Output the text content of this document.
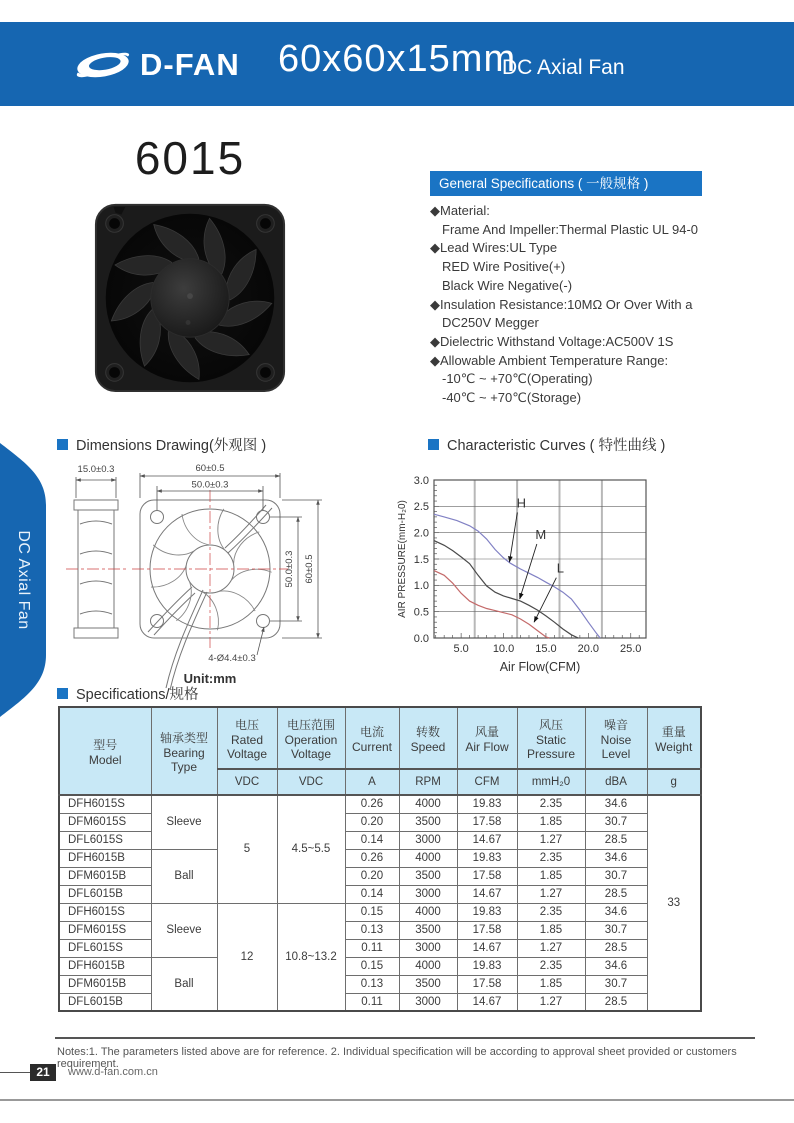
D-FAN 60x60x15mm
DC Axial Fan
6015	General Specifications ( 一般规格 )
◆Material:
Frame And Impeller:Thermal Plastic UL 94-0
◆Lead Wires:UL Type
RED Wire Positive(+)
Black Wire Negative(-)
◆Insulation Resistance:10MΩ Or Over With a
DC250V Megger
◆Dielectric Withstand Voltage:AC500V 1S
◆Allowable Ambient Temperature Range:
-10℃ ~ +70℃(Operating)
-40℃ ~ +70℃(Storage)
Dimensions Drawing(外观图 )	Characteristic Curves ( 特性曲线 )
DC Axial Fan
15.0±0.3	60±0.5
50.0±0.3
50.0±0.3 60±0.5
4-Ø4.4±0.3
Unit:mm
5.0 10.0 15.0 20.0 25.0
0.0
0.5
1.0
1.5
2.0
2.5
3.0
H
M
L
AIR PRESSURE(mm-H₂0)
Air Flow(CFM)
Specifications/规格
型号
Model

轴承类型
Bearing Type

电压
Rated Voltage

电压范围
Operation Voltage

电流
Current

转数
Speed

风量
Air Flow

风压
Static Pressure

噪音
Noise Level

重量
Weight

		VDC	VDC	A	RPM	CFM	mmH₂0	dBA	g
DFH6015S	Sleeve	5	4.5~5.5	0.26	4000	19.83	2.35	34.6	33
DFM6015S				0.20	3500	17.58	1.85	30.7	
DFL6015S				0.14	3000	14.67	1.27	28.5	
DFH6015B	Ball			0.26	4000	19.83	2.35	34.6	
DFM6015B				0.20	3500	17.58	1.85	30.7	
DFL6015B				0.14	3000	14.67	1.27	28.5	
DFH6015S	Sleeve	12	10.8~13.2	0.15	4000	19.83	2.35	34.6	
DFM6015S				0.13	3500	17.58	1.85	30.7	
DFL6015S				0.11	3000	14.67	1.27	28.5	
DFH6015B	Ball			0.15	4000	19.83	2.35	34.6	
DFM6015B				0.13	3500	17.58	1.85	30.7	
DFL6015B				0.11	3000	14.67	1.27	28.5	
Notes:1. The parameters listed above are for reference. 2. Individual specification will be according to approval sheet provided or customers requirement.
21	www.d-fan.com.cn
